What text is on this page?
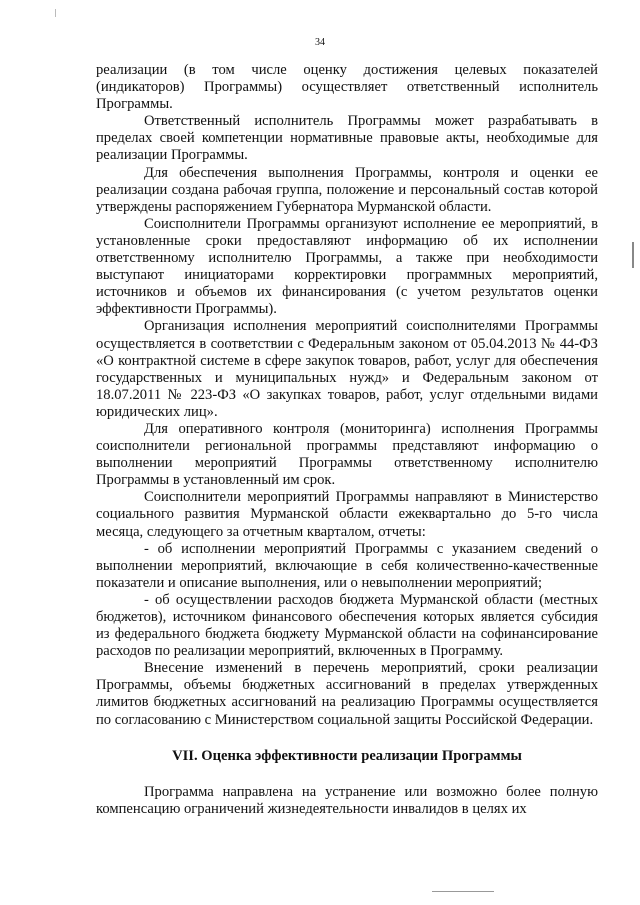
34

реализации (в том числе оценку достижения целевых показателей (индикаторов) Программы) осуществляет ответственный исполнитель Программы.

Ответственный исполнитель Программы может разрабатывать в пределах своей компетенции нормативные правовые акты, необходимые для реализации Программы.

Для обеспечения выполнения Программы, контроля и оценки ее реализации создана рабочая группа, положение и персональный состав которой утверждены распоряжением Губернатора Мурманской области.

Соисполнители Программы организуют исполнение ее мероприятий, в установленные сроки предоставляют информацию об их исполнении ответственному исполнителю Программы, а также при необходимости выступают инициаторами корректировки программных мероприятий, источников и объемов их финансирования (с учетом результатов оценки эффективности Программы).

Организация исполнения мероприятий соисполнителями Программы осуществляется в соответствии с Федеральным законом от 05.04.2013 № 44-ФЗ «О контрактной системе в сфере закупок товаров, работ, услуг для обеспечения государственных и муниципальных нужд» и Федеральным законом от 18.07.2011 № 223-ФЗ «О закупках товаров, работ, услуг отдельными видами юридических лиц».

Для оперативного контроля (мониторинга) исполнения Программы соисполнители региональной программы представляют информацию о выполнении мероприятий Программы ответственному исполнителю Программы в установленный им срок.

Соисполнители мероприятий Программы направляют в Министерство социального развития Мурманской области ежеквартально до 5-го числа месяца, следующего за отчетным кварталом, отчеты:

- об исполнении мероприятий Программы с указанием сведений о выполнении мероприятий, включающие в себя количественно-качественные показатели и описание выполнения, или о невыполнении мероприятий;

- об осуществлении расходов бюджета Мурманской области (местных бюджетов), источником финансового обеспечения которых является субсидия из федерального бюджета бюджету Мурманской области на софинансирование расходов по реализации мероприятий, включенных в Программу.

Внесение изменений в перечень мероприятий, сроки реализации Программы, объемы бюджетных ассигнований в пределах утвержденных лимитов бюджетных ассигнований на реализацию Программы осуществляется по согласованию с Министерством социальной защиты Российской Федерации.

VII. Оценка эффективности реализации Программы

Программа направлена на устранение или возможно более полную компенсацию ограничений жизнедеятельности инвалидов в целях их
